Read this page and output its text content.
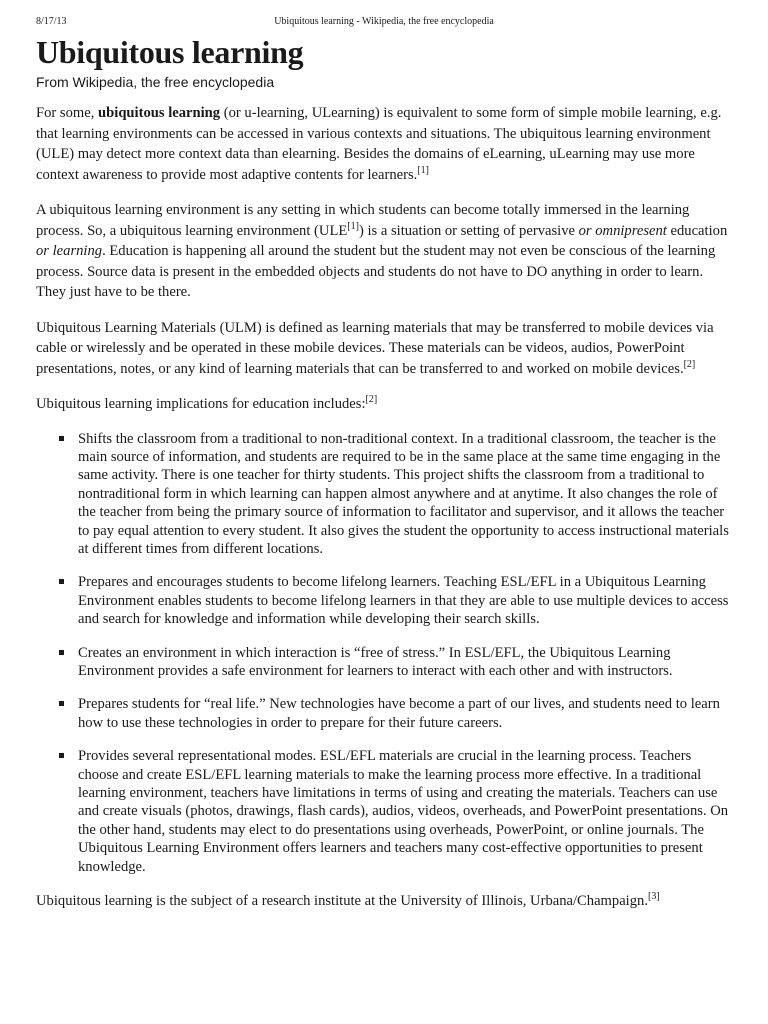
8/17/13	Ubiquitous learning - Wikipedia, the free encyclopedia
Ubiquitous learning
From Wikipedia, the free encyclopedia

For some, ubiquitous learning (or u-learning, ULearning) is equivalent to some form of simple mobile learning, e.g. that learning environments can be accessed in various contexts and situations. The ubiquitous learning environment (ULE) may detect more context data than elearning. Besides the domains of eLearning, uLearning may use more context awareness to provide most adaptive contents for learners.[1]

A ubiquitous learning environment is any setting in which students can become totally immersed in the learning process. So, a ubiquitous learning environment (ULE[1]) is a situation or setting of pervasive or omnipresent education or learning. Education is happening all around the student but the student may not even be conscious of the learning process. Source data is present in the embedded objects and students do not have to DO anything in order to learn. They just have to be there.

Ubiquitous Learning Materials (ULM) is defined as learning materials that may be transferred to mobile devices via cable or wirelessly and be operated in these mobile devices. These materials can be videos, audios, PowerPoint presentations, notes, or any kind of learning materials that can be transferred to and worked on mobile devices.[2]

Ubiquitous learning implications for education includes:[2]

Shifts the classroom from a traditional to non-traditional context. In a traditional classroom, the teacher is the main source of information, and students are required to be in the same place at the same time engaging in the same activity. There is one teacher for thirty students. This project shifts the classroom from a traditional to nontraditional form in which learning can happen almost anywhere and at anytime. It also changes the role of the teacher from being the primary source of information to facilitator and supervisor, and it allows the teacher to pay equal attention to every student. It also gives the student the opportunity to access instructional materials at different times from different locations.
Prepares and encourages students to become lifelong learners. Teaching ESL/EFL in a Ubiquitous Learning Environment enables students to become lifelong learners in that they are able to use multiple devices to access and search for knowledge and information while developing their search skills.
Creates an environment in which interaction is “free of stress.” In ESL/EFL, the Ubiquitous Learning Environment provides a safe environment for learners to interact with each other and with instructors.
Prepares students for “real life.” New technologies have become a part of our lives, and students need to learn how to use these technologies in order to prepare for their future careers.
Provides several representational modes. ESL/EFL materials are crucial in the learning process. Teachers choose and create ESL/EFL learning materials to make the learning process more effective. In a traditional learning environment, teachers have limitations in terms of using and creating the materials. Teachers can use and create visuals (photos, drawings, flash cards), audios, videos, overheads, and PowerPoint presentations. On the other hand, students may elect to do presentations using overheads, PowerPoint, or online journals. The Ubiquitous Learning Environment offers learners and teachers many cost-effective opportunities to present knowledge.

Ubiquitous learning is the subject of a research institute at the University of Illinois, Urbana/Champaign.[3]
